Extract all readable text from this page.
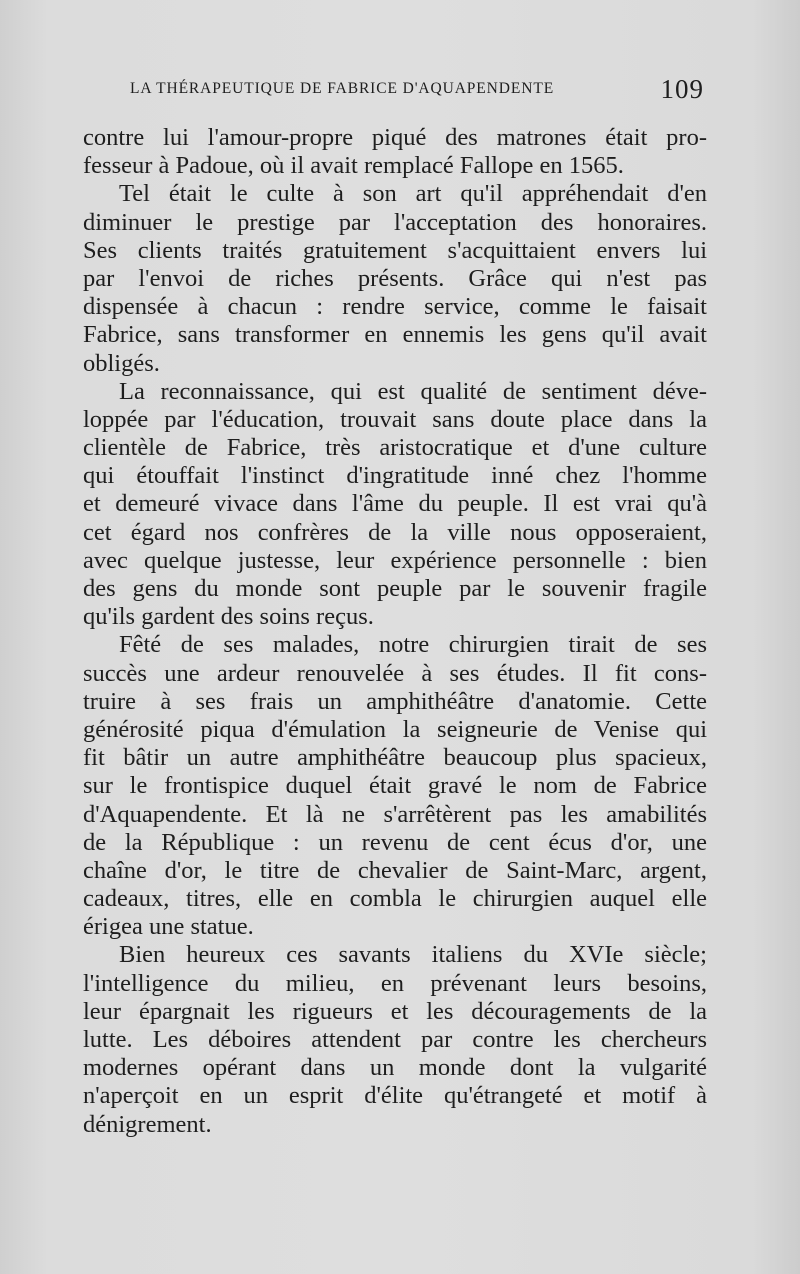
LA THÉRAPEUTIQUE DE FABRICE D'AQUAPENDENTE	109
contre lui l'amour-propre piqué des matrones était pro-
fesseur à Padoue, où il avait remplacé Fallope en 1565.
Tel était le culte à son art qu'il appréhendait d'en
diminuer le prestige par l'acceptation des honoraires.
Ses clients traités gratuitement s'acquittaient envers lui
par l'envoi de riches présents. Grâce qui n'est pas
dispensée à chacun : rendre service, comme le faisait
Fabrice, sans transformer en ennemis les gens qu'il avait
obligés.
La reconnaissance, qui est qualité de sentiment déve-
loppée par l'éducation, trouvait sans doute place dans la
clientèle de Fabrice, très aristocratique et d'une culture
qui étouffait l'instinct d'ingratitude inné chez l'homme
et demeuré vivace dans l'âme du peuple. Il est vrai qu'à
cet égard nos confrères de la ville nous opposeraient,
avec quelque justesse, leur expérience personnelle : bien
des gens du monde sont peuple par le souvenir fragile
qu'ils gardent des soins reçus.
Fêté de ses malades, notre chirurgien tirait de ses
succès une ardeur renouvelée à ses études. Il fit cons-
truire à ses frais un amphithéâtre d'anatomie. Cette
générosité piqua d'émulation la seigneurie de Venise qui
fit bâtir un autre amphithéâtre beaucoup plus spacieux,
sur le frontispice duquel était gravé le nom de Fabrice
d'Aquapendente. Et là ne s'arrêtèrent pas les amabilités
de la République : un revenu de cent écus d'or, une
chaîne d'or, le titre de chevalier de Saint-Marc, argent,
cadeaux, titres, elle en combla le chirurgien auquel elle
érigea une statue.
Bien heureux ces savants italiens du XVIe siècle;
l'intelligence du milieu, en prévenant leurs besoins,
leur épargnait les rigueurs et les découragements de la
lutte. Les déboires attendent par contre les chercheurs
modernes opérant dans un monde dont la vulgarité
n'aperçoit en un esprit d'élite qu'étrangeté et motif à
dénigrement.
